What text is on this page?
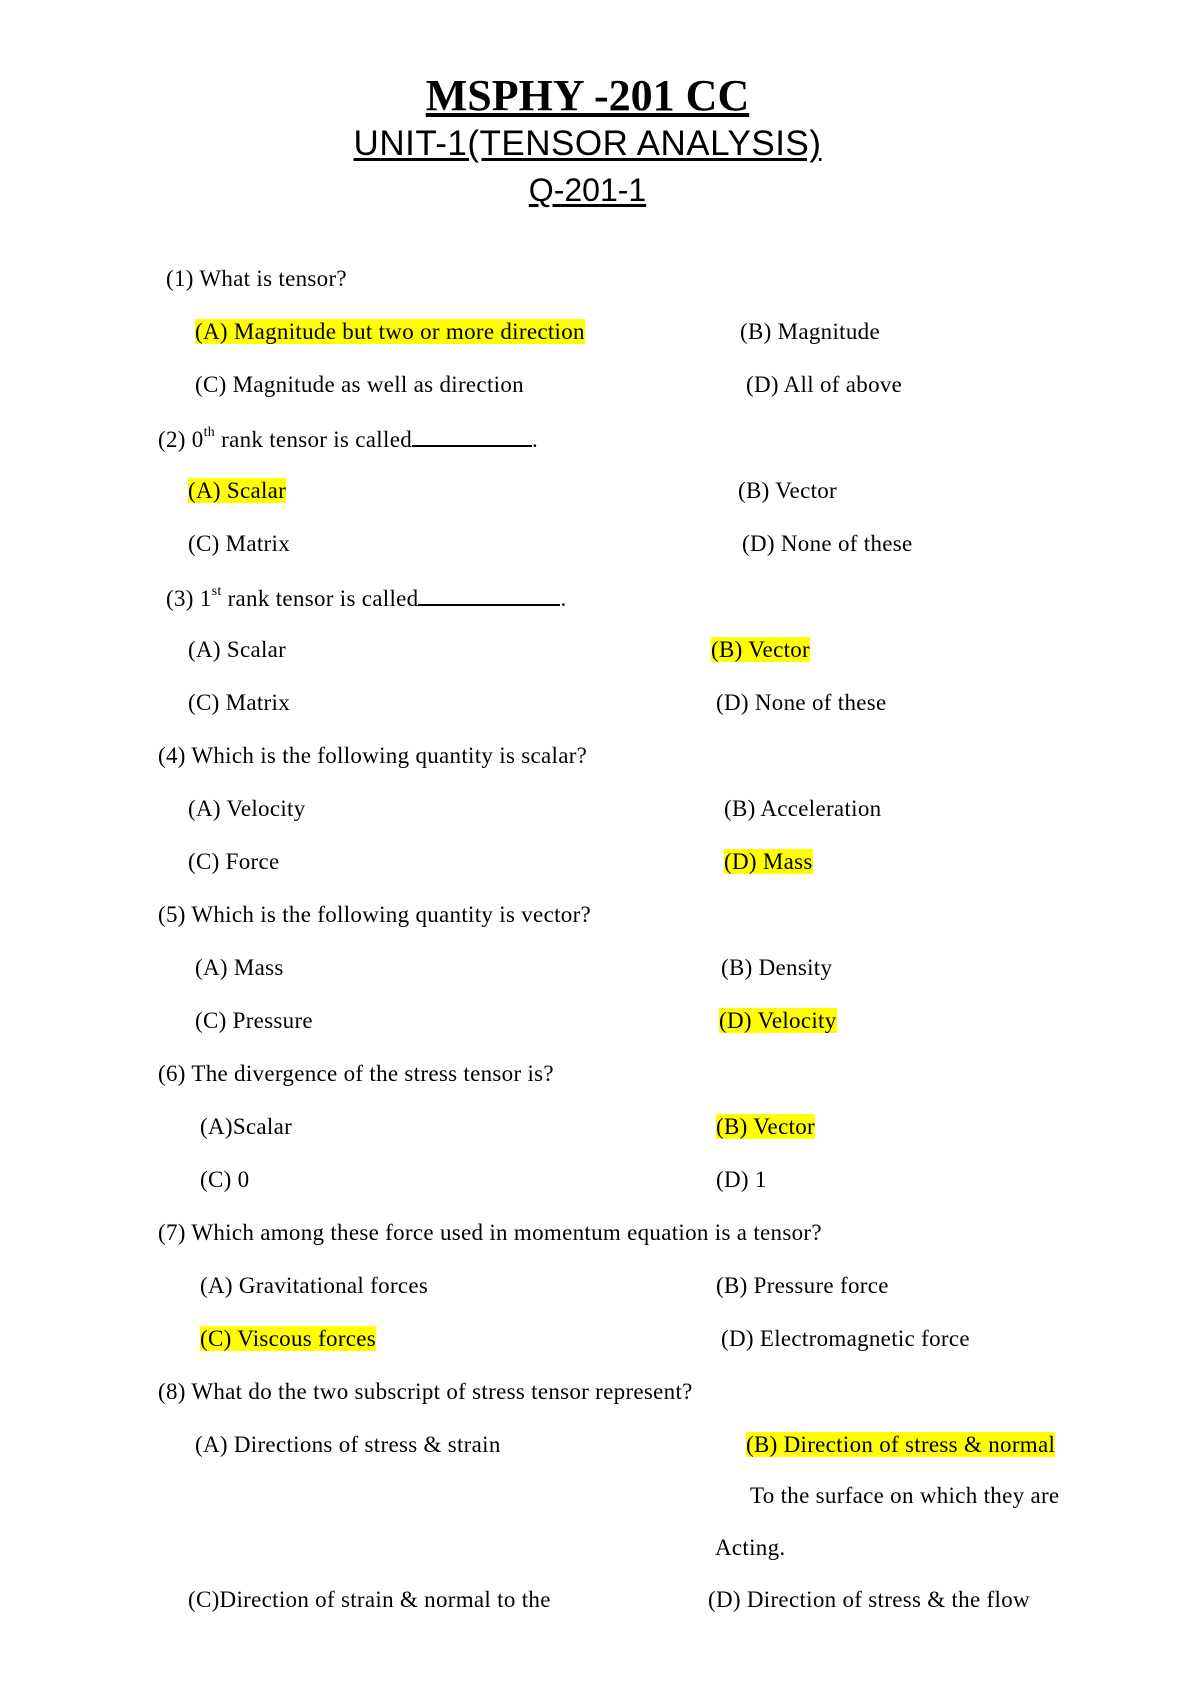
MSPHY -201 CC
UNIT-1(TENSOR ANALYSIS)
Q-201-1
(1) What is tensor?
(A) Magnitude but two or more direction	(B) Magnitude
(C) Magnitude as well as direction	(D) All of above
(2) 0th rank tensor is called	.
(A) Scalar	(B) Vector
(C) Matrix	(D) None of these
(3) 1st rank tensor is called	.
(A) Scalar	(B) Vector
(C) Matrix	(D) None of these
(4) Which is the following quantity is scalar?
(A) Velocity	(B) Acceleration
(C) Force	(D) Mass
(5) Which is the following quantity is vector?
(A) Mass	(B) Density
(C) Pressure	(D) Velocity
(6) The divergence of the stress tensor is?
(A)Scalar	(B) Vector
(C) 0	(D) 1
(7) Which among these force used in momentum equation is a tensor?
(A) Gravitational forces	(B) Pressure force
(C) Viscous forces	(D) Electromagnetic force
(8) What do the two subscript of stress tensor represent?
(A) Directions of stress & strain	(B) Direction of stress & normal
To the surface on which they are
Acting.
(C)Direction of strain & normal to the	(D) Direction of stress & the flow
